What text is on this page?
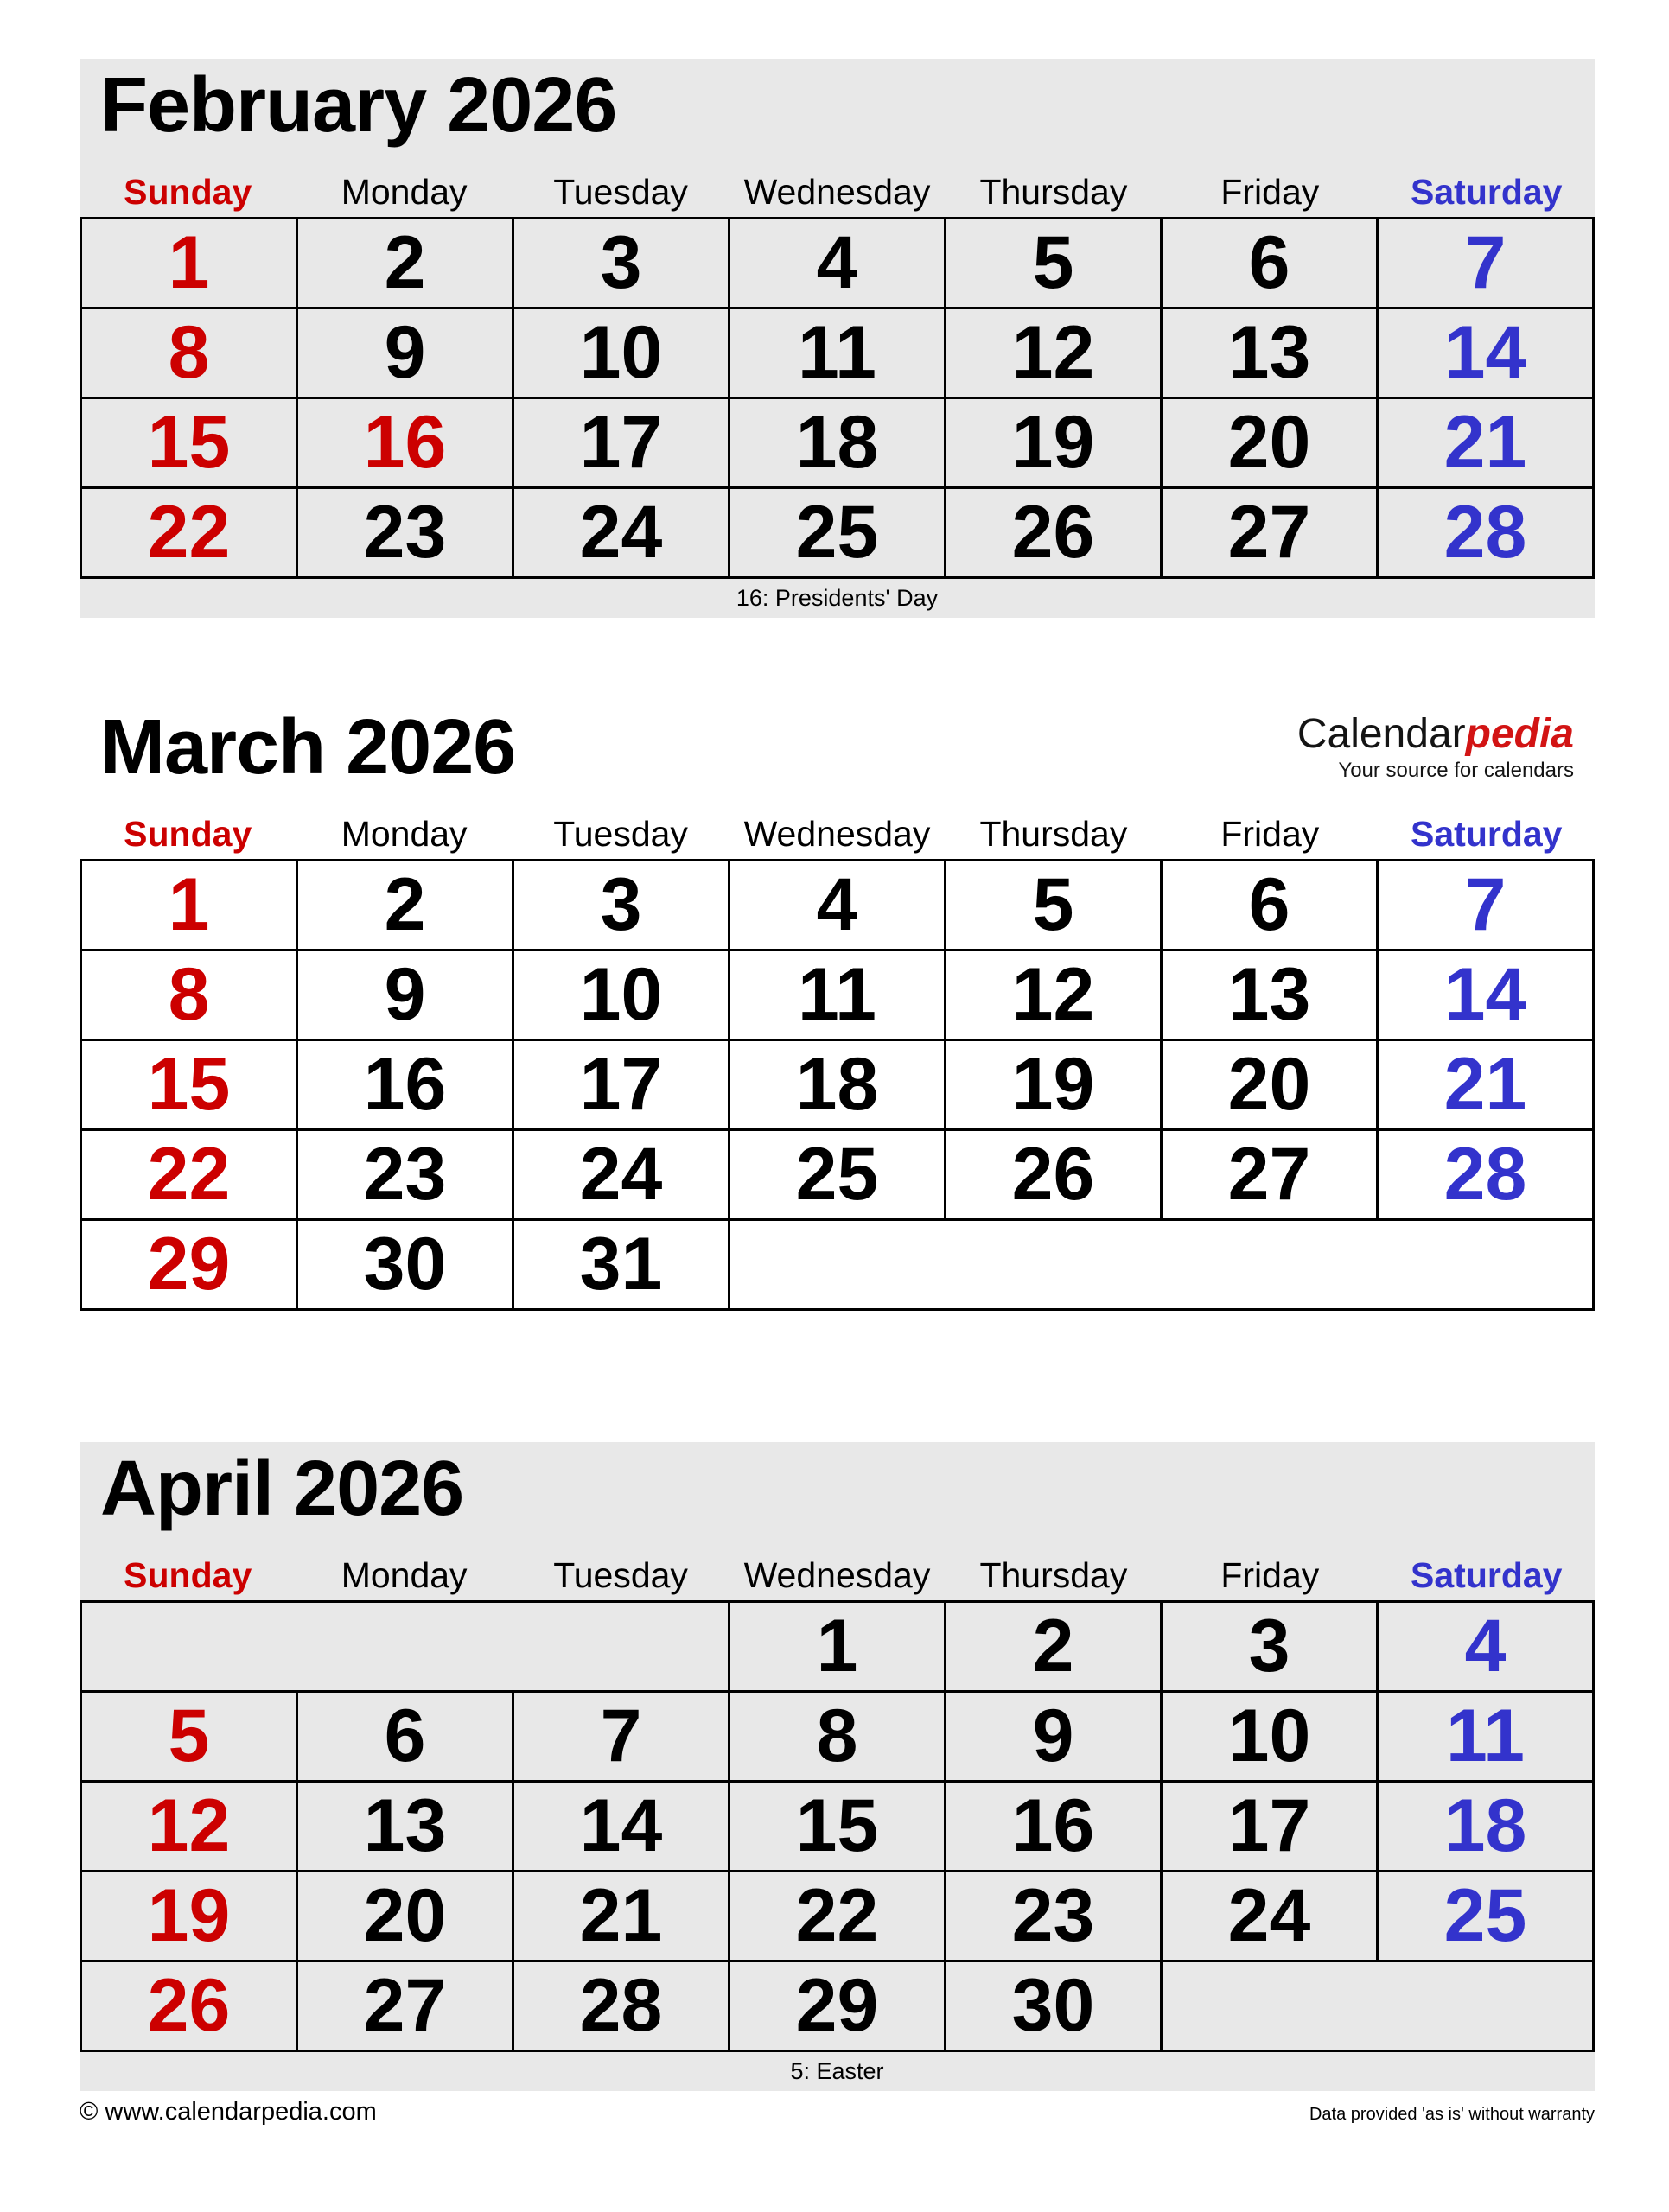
February 2026
Sunday	Monday	Tuesday	Wednesday	Thursday	Friday	Saturday
1	2	3	4	5	6	7
8	9	10	11	12	13	14
15	16	17	18	19	20	21
22	23	24	25	26	27	28
16: Presidents' Day
March 2026	Calendarpedia
Your source for calendars
Sunday	Monday	Tuesday	Wednesday	Thursday	Friday	Saturday
1	2	3	4	5	6	7
8	9	10	11	12	13	14
15	16	17	18	19	20	21
22	23	24	25	26	27	28
29	30	31				
April 2026
Sunday	Monday	Tuesday	Wednesday	Thursday	Friday	Saturday
			1	2	3	4
5	6	7	8	9	10	11
12	13	14	15	16	17	18
19	20	21	22	23	24	25
26	27	28	29	30		
5: Easter
© www.calendarpedia.com	Data provided 'as is' without warranty
